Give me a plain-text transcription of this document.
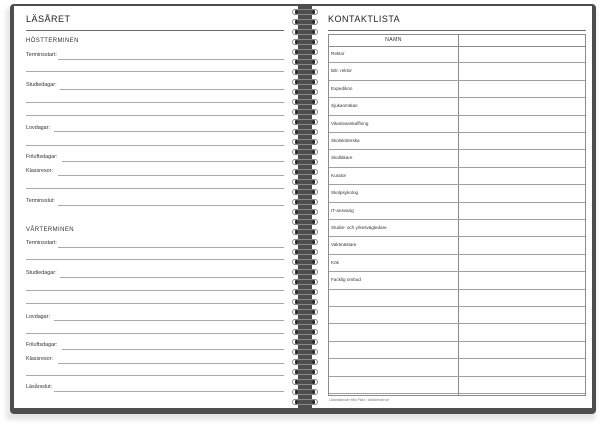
LÄSÅRET
HÖSTTERMINEN
Terminsstart:
Studiedagar:
Lovdagar:
Friluftsdagar:
Klassresor:
Terminsslut:
VÅRTERMINEN
Terminsstart:
Studiedagar:
Lovdagar:
Friluftsdagar:
Klassresor:
Läsårsslut:
KONTAKTLISTA
NAMN
Rektor
Bitr. rektor
Expedition
Sjukanmälan
Vikarieanskaffning
Skolsköterska
Skolläkare
Kurator
Skolpsykolog
IT-ansvarig
Studie- och yrkesvägledare
Vaktmästare
Kök
Facklig ombud
Lärarkalender från Pilan / lärkalender.se
